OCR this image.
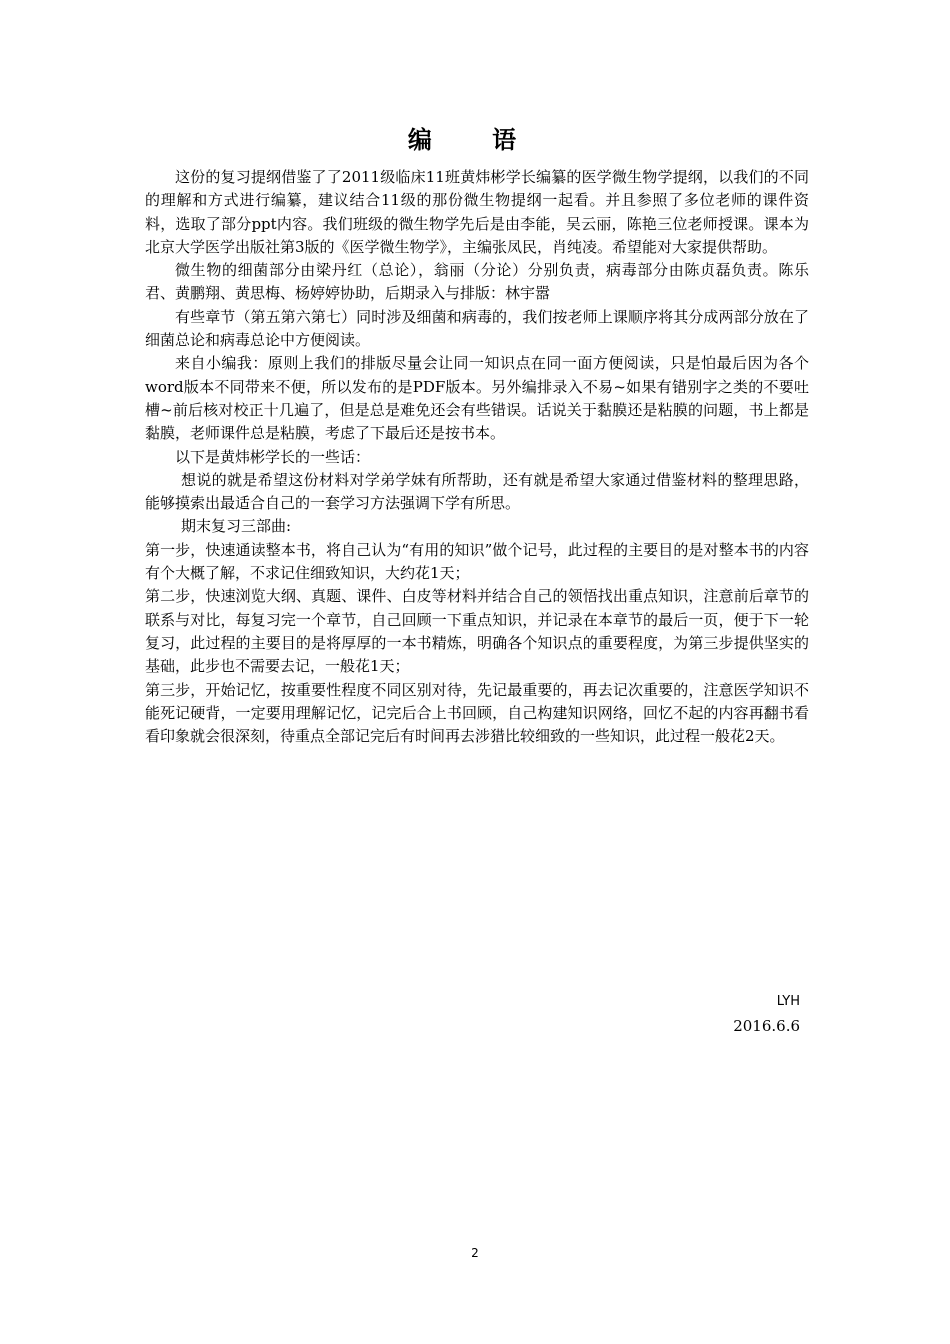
编 语

这份的复习提纲借鉴了了2011级临床11班黄炜彬学长编纂的医学微生物学提纲，以我们的不同的理解和方式进行编纂，建议结合11级的那份微生物提纲一起看。并且参照了多位老师的课件资料，选取了部分ppt内容。我们班级的微生物学先后是由李能，吴云丽，陈艳三位老师授课。课本为北京大学医学出版社第3版的《医学微生物学》，主编张凤民，肖纯凌。希望能对大家提供帮助。

微生物的细菌部分由梁丹红（总论），翁丽（分论）分别负责，病毒部分由陈贞磊负责。陈乐君、黄鹏翔、黄思梅、杨婷婷协助，后期录入与排版：林宇嚣

有些章节（第五第六第七）同时涉及细菌和病毒的，我们按老师上课顺序将其分成两部分放在了细菌总论和病毒总论中方便阅读。

来自小编我：原则上我们的排版尽量会让同一知识点在同一面方便阅读，只是怕最后因为各个word版本不同带来不便，所以发布的是PDF版本。另外编排录入不易~如果有错别字之类的不要吐槽~前后核对校正十几遍了，但是总是难免还会有些错误。话说关于黏膜还是粘膜的问题，书上都是黏膜，老师课件总是粘膜，考虑了下最后还是按书本。

以下是黄炜彬学长的一些话：

想说的就是希望这份材料对学弟学妹有所帮助，还有就是希望大家通过借鉴材料的整理思路，能够摸索出最适合自己的一套学习方法强调下学有所思。

期末复习三部曲:

第一步，快速通读整本书，将自己认为“有用的知识”做个记号，此过程的主要目的是对整本书的内容有个大概了解，不求记住细致知识，大约花1天；

第二步，快速浏览大纲、真题、课件、白皮等材料并结合自己的领悟找出重点知识，注意前后章节的联系与对比，每复习完一个章节，自己回顾一下重点知识，并记录在本章节的最后一页，便于下一轮复习，此过程的主要目的是将厚厚的一本书精炼，明确各个知识点的重要程度，为第三步提供坚实的基础，此步也不需要去记，一般花1天；

第三步，开始记忆，按重要性程度不同区别对待，先记最重要的，再去记次重要的，注意医学知识不能死记硬背，一定要用理解记忆，记完后合上书回顾，自己构建知识网络，回忆不起的内容再翻书看看印象就会很深刻，待重点全部记完后有时间再去涉猎比较细致的一些知识，此过程一般花2天。

LYH
2016.6.6
2
